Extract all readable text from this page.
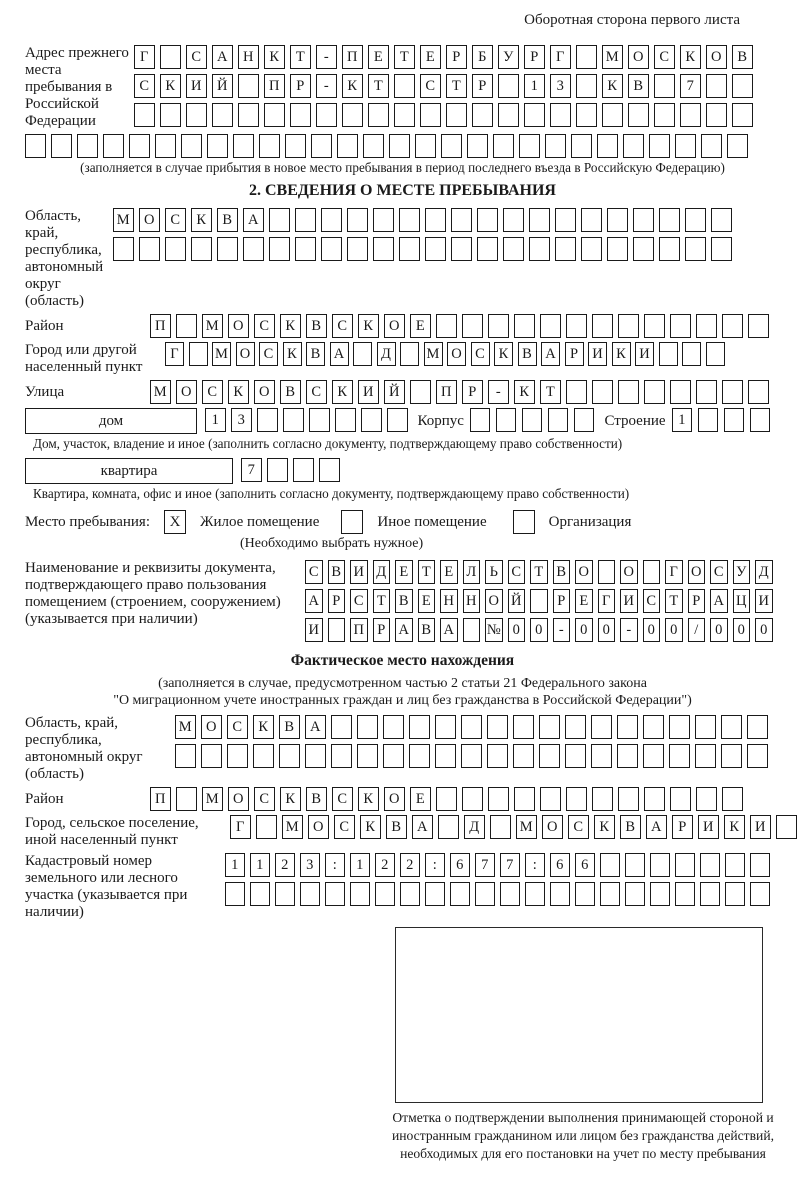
Оборотная сторона первого листа
Адрес прежнего места пребывания в Российской Федерации
Г	С	А	Н	К	Т	-	П	Е	Т	Е	Р	Б	У	Р	Г	М О	С	К	О	В
С	К	И	Й	П	Р	-	К	Т	С	Т	Р	1	3	К	В	7
(заполняется в случае прибытия в новое место пребывания в период последнего въезда в Российскую Федерацию)
2. СВЕДЕНИЯ О МЕСТЕ ПРЕБЫВАНИЯ
Область, край, республика, автономный округ (область)
М О	С	К	В	А
Район	П	М О	С	К	В	С	К	О	Е
Город или другой населенный пункт
Г	М О С К В А	Д	М О С К В А Р И К И
Улица	М О	С	К	О	В	С	К	И	Й	П	Р	-	К	Т
дом	1	3	Корпус	Строение 1
Дом, участок, владение и иное (заполнить согласно документу, подтверждающему право собственности)
квартира	7
Квартира, комната, офис и иное (заполнить согласно документу, подтверждающему право собственности)
Место пребывания:	X	Жилое помещение	Иное помещение	Организация
(Необходимо выбрать нужное)
Наименование и реквизиты документа, подтверждающего право пользования помещением (строением, сооружением) (указывается при наличии)
С В И Д Е Т Е Л Ь С Т В О О	Г О С У Д
А Р С Т В Е Н Н О Й	Р Е Г И С Т Р А Ц И
И П Р А В А № 0	0	-	0	0	-	0	0	/	0	0	0
Фактическое место нахождения
(заполняется в случае, предусмотренном частью 2 статьи 21 Федерального закона
"О миграционном учете иностранных граждан и лиц без гражданства в Российской Федерации")
Область, край, республика, автономный округ (область)
М О	С	К	В	А
Район	П	М О	С	К	В	С	К	О	Е
Город, сельское поселение, иной населенный пункт
Г	М О	С	К	В	А	Д	М О	С	К	В	А	Р	И	К	И
Кадастровый номер земельного или лесного участка (указывается при наличии)
1	1	2	3	:	1	2	2	:	6	7	7	:	6	6
Отметка о подтверждении выполнения принимающей стороной и иностранным гражданином или лицом без гражданства действий, необходимых для его постановки на учет по месту пребывания
